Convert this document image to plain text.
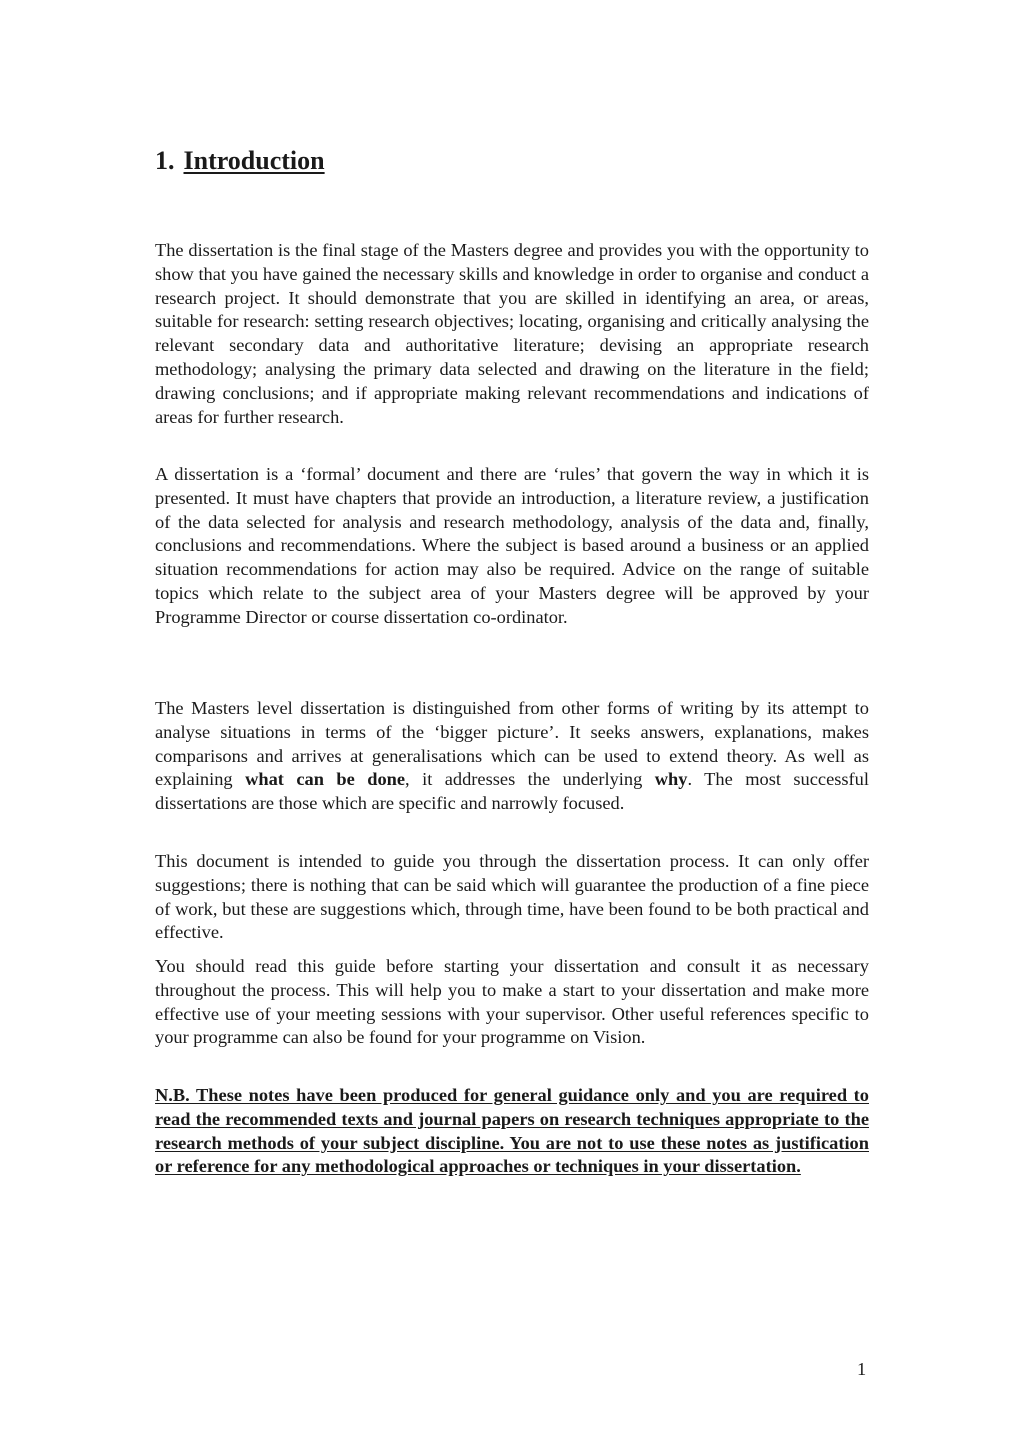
1. Introduction

The dissertation is the final stage of the Masters degree and provides you with the opportunity to show that you have gained the necessary skills and knowledge in order to organise and conduct a research project. It should demonstrate that you are skilled in identifying an area, or areas, suitable for research: setting research objectives; locating, organising and critically analysing the relevant secondary data and authoritative literature; devising an appropriate research methodology; analysing the primary data selected and drawing on the literature in the field; drawing conclusions; and if appropriate making relevant recommendations and indications of areas for further research.

A dissertation is a ‘formal’ document and there are ‘rules’ that govern the way in which it is presented. It must have chapters that provide an introduction, a literature review, a justification of the data selected for analysis and research methodology, analysis of the data and, finally, conclusions and recommendations. Where the subject is based around a business or an applied situation recommendations for action may also be required. Advice on the range of suitable topics which relate to the subject area of your Masters degree will be approved by your Programme Director or course dissertation co-ordinator.

The Masters level dissertation is distinguished from other forms of writing by its attempt to analyse situations in terms of the ‘bigger picture’. It seeks answers, explanations, makes comparisons and arrives at generalisations which can be used to extend theory. As well as explaining what can be done, it addresses the underlying why. The most successful dissertations are those which are specific and narrowly focused.

This document is intended to guide you through the dissertation process. It can only offer suggestions; there is nothing that can be said which will guarantee the production of a fine piece of work, but these are suggestions which, through time, have been found to be both practical and effective.

You should read this guide before starting your dissertation and consult it as necessary throughout the process. This will help you to make a start to your dissertation and make more effective use of your meeting sessions with your supervisor. Other useful references specific to your programme can also be found for your programme on Vision.

N.B. These notes have been produced for general guidance only and you are required to read the recommended texts and journal papers on research techniques appropriate to the research methods of your subject discipline. You are not to use these notes as justification or reference for any methodological approaches or techniques in your dissertation.

1
